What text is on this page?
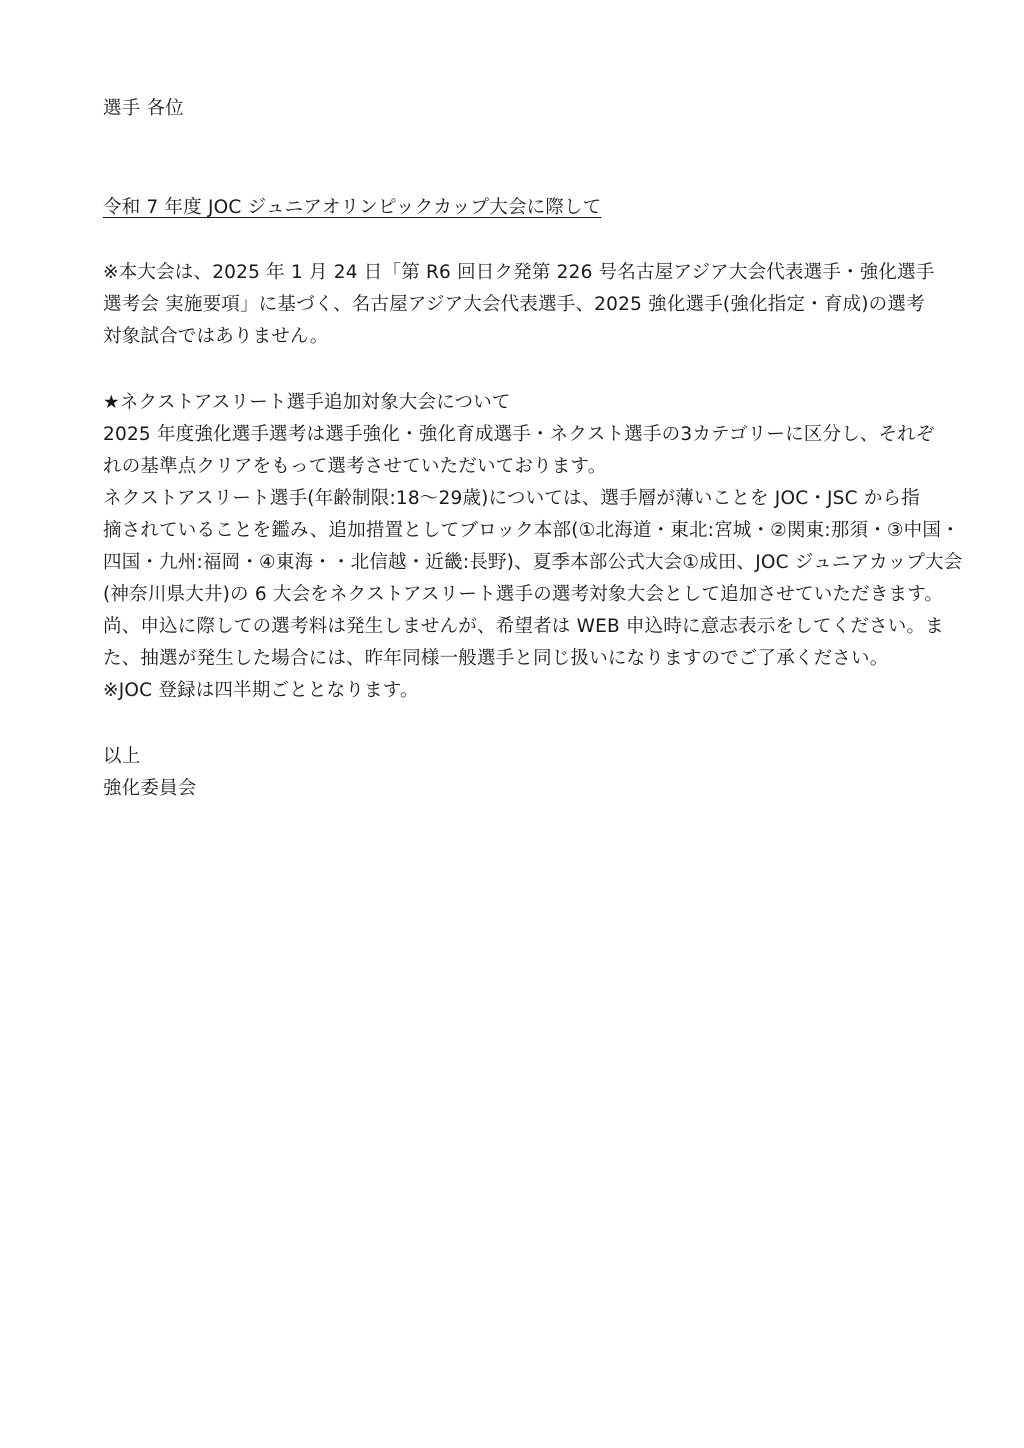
選手 各位
令和 7 年度 JOC ジュニアオリンピックカップ大会に際して
※本大会は、2025 年 1 月 24 日「第 R6 回日ク発第 226 号名古屋アジア大会代表選手・強化選手
選考会 実施要項」に基づく、名古屋アジア大会代表選手、2025 強化選手(強化指定・育成)の選考
対象試合ではありません。
★ネクストアスリート選手追加対象大会について
2025 年度強化選手選考は選手強化・強化育成選手・ネクスト選手の3カテゴリーに区分し、それぞ
れの基準点クリアをもって選考させていただいております。
ネクストアスリート選手(年齢制限:18～29歳)については、選手層が薄いことを JOC・JSC から指
摘されていることを鑑み、追加措置としてブロック本部(①北海道・東北:宮城・②関東:那須・③中国・
四国・九州:福岡・④東海・・北信越・近畿:長野)、夏季本部公式大会①成田、JOC ジュニアカップ大会
(神奈川県大井)の 6 大会をネクストアスリート選手の選考対象大会として追加させていただきます。
尚、申込に際しての選考料は発生しませんが、希望者は WEB 申込時に意志表示をしてください。ま
た、抽選が発生した場合には、昨年同様一般選手と同じ扱いになりますのでご了承ください。
※JOC 登録は四半期ごととなります。
以上
強化委員会
